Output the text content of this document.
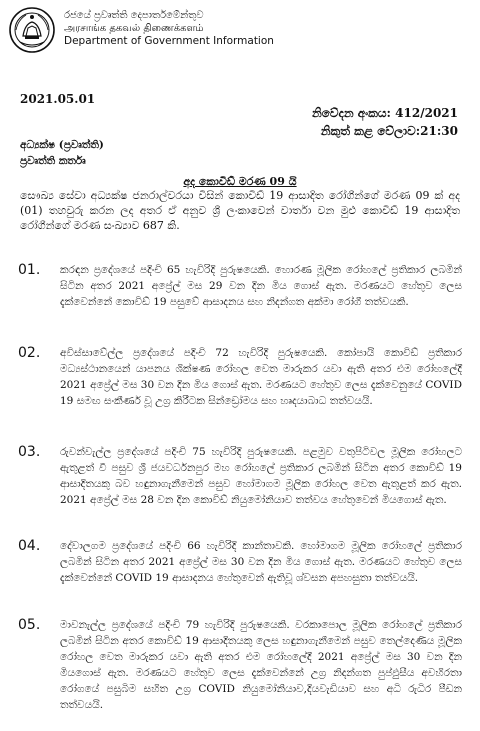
රජයේ ප්‍රවෘත්ති දෙපාර්තමේන්තුව
அரசாங்க தகவல் திணைக்களம்
Department of Government Information
2021.05.01
නිවේදන අංකය: 412/2021
නිකුත් කළ වේලාව:21:30
අධ්‍යක්ෂ (ප්‍රවෘත්ති)
ප්‍රවෘත්ති කර්තෘ
අද කොවිඩ් මරණ 09 යි
සෞඛ්‍ය සේවා අධ්‍යක්ෂ ජනරාල්වරයා විසින් කොවිඩ් 19 ආසාදිත රෝගීන්ගේ මරණ 09 ක් අද (01) තහවුරු කරන ලද අතර ඒ අනුව ශ්‍රී ලංකාවෙන් වාර්තා වන මුළු කොවිඩ් 19 ආසාදිත රෝගීන්ගේ මරණ සංඛ්‍යාව 687 කි.
01. කරඳන ප්‍රදේශයේ පදිංචි 65 හැවිරිදි පුරුෂයෙකි. හොරණ මූලික රෝහලේ ප්‍රතිකාර ලබමින් සිටින අතර 2021 අප්‍රේල් මස 29 වන දින මිය ගොස් ඇත. මරණයට හේතුව ලෙස දැක්වෙන්නේ කොවිඩ් 19 පසුවේ ආසාදනය සහ නිදන්ගත අක්මා රෝගී තත්වයකි.
02. අවිස්සාවේල්ල ප්‍රදේශයේ පදිංචි 72 හැවිරිදි පුරුෂයෙකි. කෝපායි කොවිඩ් ප්‍රතිකාර මධ්‍යස්ථානයෙන් යාපනය ශික්ෂණ රෝහල වෙත මාරුකර යවා ඇති අතර එම රෝහලේදී 2021 අප්‍රේල් මස 30 වන දින මිය ගොස් ඇත. මරණයට හේතුව ලෙස දැක්වෙනුයේ COVID 19 සමඟ සංකීර්ණ වූ උග්‍ර කිරීටක සින්ඩ්‍රෝමය සහ හෘදයාබාධ තත්වයයි.
03. රුවන්වැල්ල ප්‍රදේශයේ පදිංචි 75 හැවිරිදි පුරුෂයෙකි. පළමුව වතුපිටිවල මූලික රෝහලට ඇතුළත් වී පසුව ශ්‍රී ජයවර්ධනපුර මහ රෝහලේ ප්‍රතිකාර ලබමින් සිටින අතර කොවිඩ් 19 ආසාදිතයකු බව හඳුනාගැනීමෙන් පසුව හෝමාගම මූලික රෝහල වෙත ඇතුළත් කර ඇත. 2021 අප්‍රේල් මස 28 වන දින කොවිඩ් නියුමෝනියාව තත්වය හේතුවෙන් මියගොස් ඇත.
04. දේවාලගම ප්‍රදේශයේ පදිංචි 66 හැවිරිදි කාන්තාවකි. හෝමාගම මූලික රෝහලේ ප්‍රතිකාර ලබමින් සිටින අතර 2021 අප්‍රේල් මස 30 වන දින මිය ගොස් ඇත. මරණයට හේතුව ලෙස දැක්වෙන්නේ COVID 19 ආසාදනය හේතුවෙන් ඇතිවූ ශ්වසන අපහසුතා තත්වයයි.
05. මාවනැල්ල ප්‍රදේශයේ පදිංචි 79 හැවිරිදි පුරුෂයෙකි. වරකාපොල මූලික රෝහලේ ප්‍රතිකාර ලබමින් සිටින අතර කොවිඩ් 19 ආසාදිතයකු ලෙස හඳුනාගැනීමෙන් පසුව තෙල්දෙණිය මූලික රෝහල වෙත මාරුකර යවා ඇති අතර එම රෝහලේදී 2021 අප්‍රේල් මස 30 වන දින මියගොස් ඇත. මරණයට හේතුව ලෙස දැක්වෙන්නේ උග්‍ර නිදන්ගත පුප්ඵුසීය අවහිරතා රෝගයේ පසුබිම සහිත උග්‍ර COVID නියුමෝනියාව,දියවැඩියාව සහ අධි රුධිර පීඩන තත්වයයි.
